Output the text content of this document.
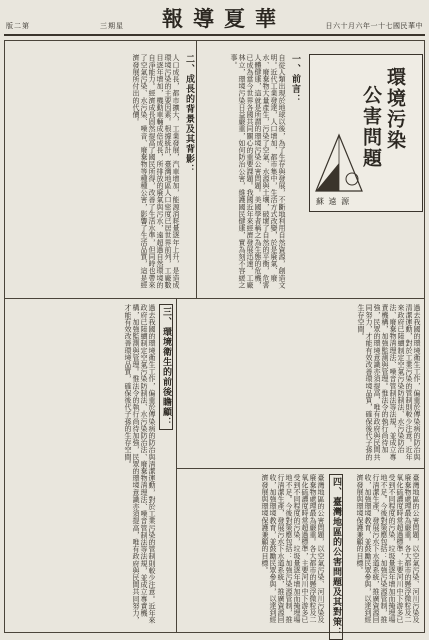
版二第	三期星	報導夏華	日六十月六年一十七國民華中
環境污染
公害問題
蘇 遠 源
一、前言：
自從人類出現於地球以後，為了生存與發展，不斷地利用自然資源，創造文明。近代工業發達，人口增加，都市集中，生活方式改變，於是廢氣、廢水、廢棄物大量產生，污染了空氣、水源與土壤，破壞了自然的平衡，危害人體健康，這就是所謂的環境污染公害問題。美國學者稱之為生態的危機，已成為當今世界各國共同關心的重要課題。我國近年來經濟發展迅速，工廠林立，環境污染日益嚴重，如何防治公害，維護國民健康，實為刻不容緩之事。
二、成長的背景及其背影：
人口成長，都市擴大，工業發展，汽車增加，能源消耗量逐年上升，是造成環境污染的主要因素。根據統計，臺灣地區人口密度已居世界前列，工廠數目逐年增加，機動車輛成倍成長，所排放的廢氣與污水，遠超過自然環境的自淨能力。經濟成長固然提高了國民所得，改善了生活水準，但同時也帶來了空氣污染、水污染、噪音、廢棄物等種種公害，影響了生活品質，這是經濟發展所付出的代價。
三、環境衛生的前後瞻顧：
過去我國的環境衛生工作，偏重於傳染病的防治與清潔運動，對於工業污染的管制則較少注意。近年來政府已陸續制定空氣污染防制法、水污染防治法、廢棄物清理法、噪音管制法等法規，並成立專責機構，加強監測與管理。惟法令的執行尚待加強，民眾的環境意識亦須提高，唯有政府與民間共同努力，才能有效改善環境品質，確保後代子孫的生存空間。
四、臺灣地區的公害問題及其對策：
過去我國的環境衛生工作，偏重於傳染病的防治與清潔運動，對於工業污染的管制則較少注意。近年來政府已陸續制定空氣污染防制法、水污染防治法、廢棄物清理法、噪音管制法等法規，並成立專責機構，加強監測與管理。惟法令的執行尚待加強，民眾的環境意識亦須提高，唯有政府與民間共同努力，才能有效改善環境品質，確保後代子孫的生存空間。
臺灣地區的公害問題，以空氣污染、河川污染及廢棄物處理最為嚴重。各大都市的懸浮微粒及二氧化硫濃度時常超過標準，主要河川中下游多已受到不同程度的污染，垃圾量逐年增加而掩埋場地不足。今後對策應包括：加強污染源管制，推行清潔生產，發展污水下水道系統，推廣資源回收，加強環境教育，並鼓勵民眾參與，以達到經濟發展與環境保護兼顧的目標。	臺灣地區的公害問題，以空氣污染、河川污染及廢棄物處理最為嚴重。各大都市的懸浮微粒及二氧化硫濃度時常超過標準，主要河川中下游多已受到不同程度的污染，垃圾量逐年增加而掩埋場地不足。今後對策應包括：加強污染源管制，推行清潔生產，發展污水下水道系統，推廣資源回收，加強環境教育，並鼓勵民眾參與，以達到經濟發展與環境保護兼顧的目標。
